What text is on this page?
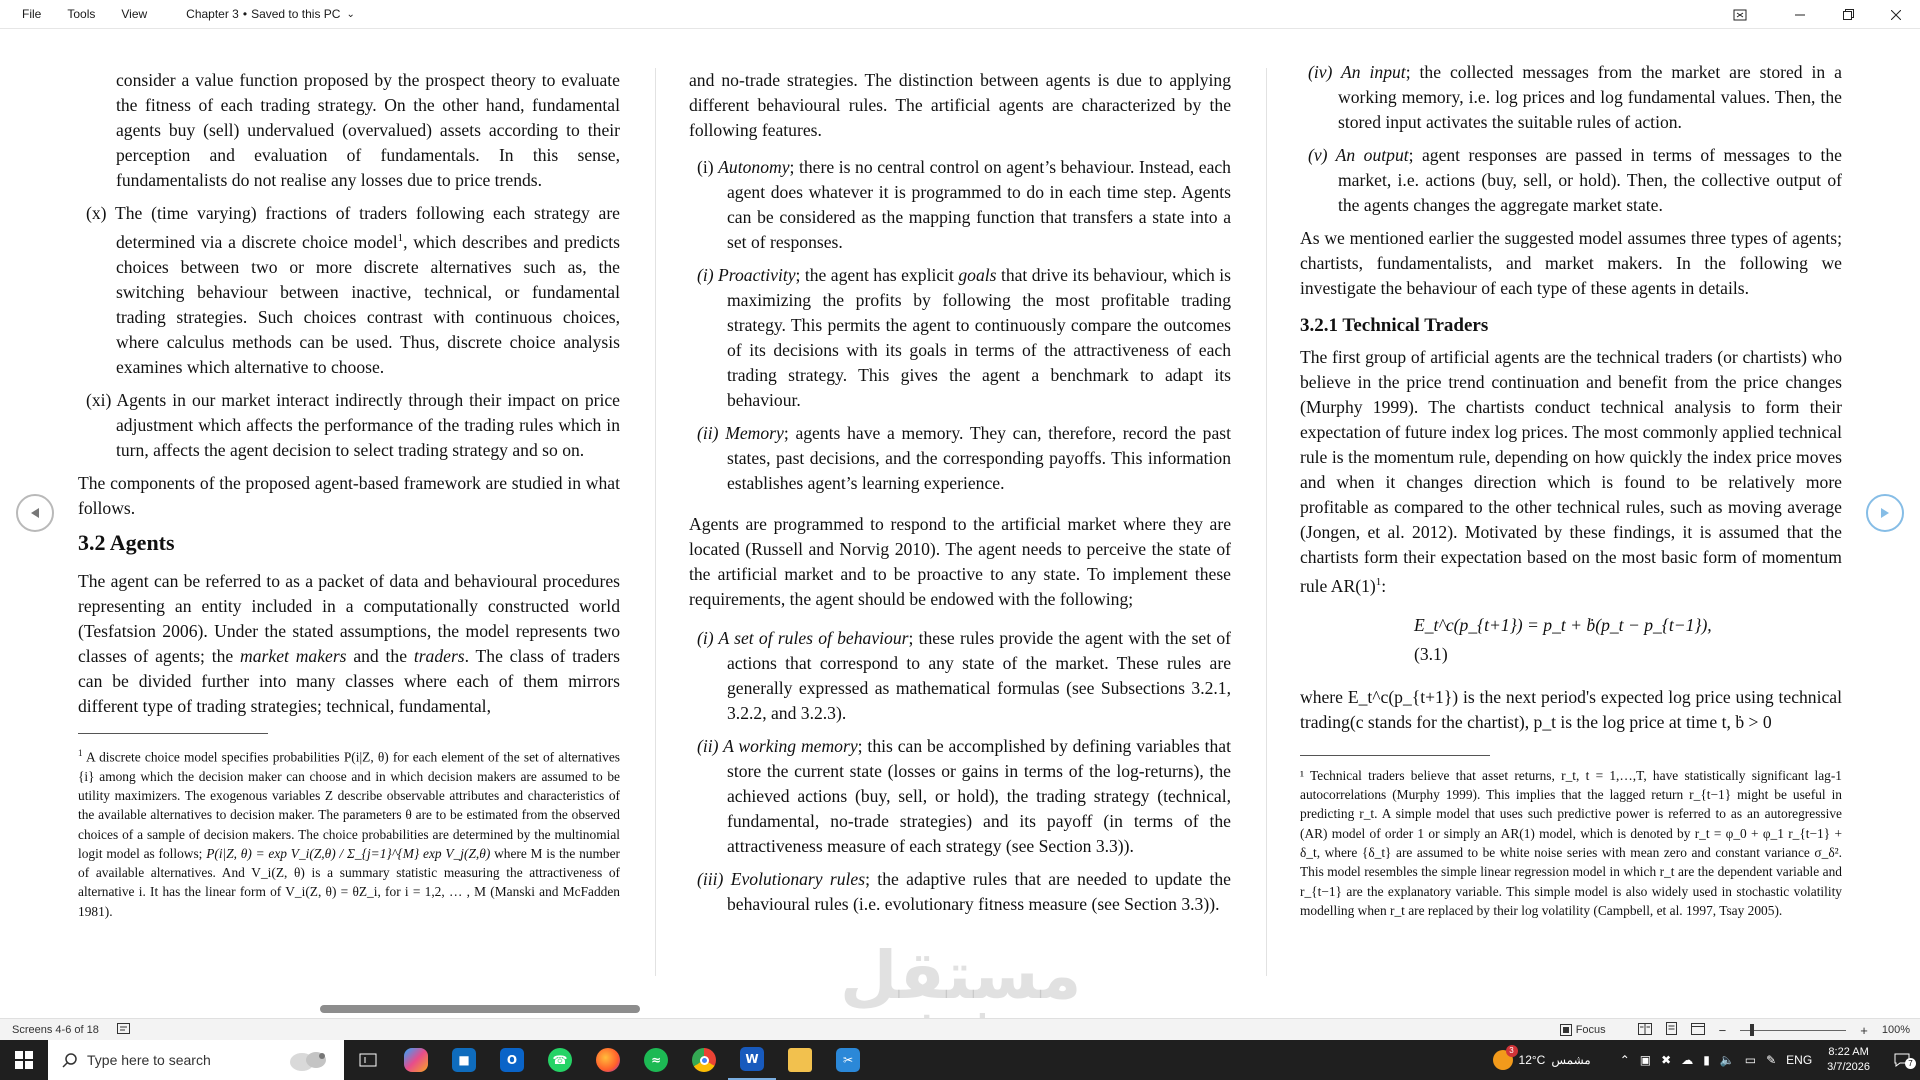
File	Tools	View	Chapter 3 • Saved to this PC ⌄

consider a value function proposed by the prospect theory to evaluate the fitness of each trading strategy. On the other hand, fundamental agents buy (sell) undervalued (overvalued) assets according to their perception and evaluation of fundamentals. In this sense, fundamentalists do not realise any losses due to price trends.

(x) The (time varying) fractions of traders following each strategy are determined via a discrete choice model$^1$, which describes and predicts choices between two or more discrete alternatives such as, the switching behaviour between inactive, technical, or fundamental trading strategies. Such choices contrast with continuous choices, where calculus methods can be used. Thus, discrete choice analysis examines which alternative to choose.

(xi) Agents in our market interact indirectly through their impact on price adjustment which affects the performance of the trading rules which in turn, affects the agent decision to select trading strategy and so on.

The components of the proposed agent-based framework are studied in what follows.

3.2 Agents

The agent can be referred to as a packet of data and behavioural procedures representing an entity included in a computationally constructed world (Tesfatsion 2006). Under the stated assumptions, the model represents two classes of agents; the market makers and the traders. The class of traders can be divided further into many classes where each of them mirrors different type of trading strategies; technical, fundamental,

$^1$ A discrete choice model specifies probabilities P(i|Z, θ) for each element of the set of alternatives {i} among which the decision maker can choose and in which decision makers are assumed to be utility maximizers. The exogenous variables Z describe observable attributes and characteristics of the available alternatives to decision maker. The parameters θ are to be estimated from the observed choices of a sample of decision makers. The choice probabilities are determined by the multinomial logit model as follows; P(i|Z, θ) = exp V_i(Z,θ) / Σ_{j=1}^{M} exp V_j(Z,θ) where M is the number of available alternatives. And V_i(Z, θ) is a summary statistic measuring the attractiveness of alternative i. It has the linear form of V_i(Z, θ) = θZ_i, for i = 1,2, … , M (Manski and McFadden 1981).

and no-trade strategies. The distinction between agents is due to applying different behavioural rules. The artificial agents are characterized by the following features.

(i) Autonomy; there is no central control on agent’s behaviour. Instead, each agent does whatever it is programmed to do in each time step. Agents can be considered as the mapping function that transfers a state into a set of responses.

(i) Proactivity; the agent has explicit goals that drive its behaviour, which is maximizing the profits by following the most profitable trading strategy. This permits the agent to continuously compare the outcomes of its decisions with its goals in terms of the attractiveness of each trading strategy. This gives the agent a benchmark to adapt its behaviour.

(ii) Memory; agents have a memory. They can, therefore, record the past states, past decisions, and the corresponding payoffs. This information establishes agent’s learning experience.

Agents are programmed to respond to the artificial market where they are located (Russell and Norvig 2010). The agent needs to perceive the state of the artificial market and to be proactive to any state. To implement these requirements, the agent should be endowed with the following;

(i) A set of rules of behaviour; these rules provide the agent with the set of actions that correspond to any state of the market. These rules are generally expressed as mathematical formulas (see Subsections 3.2.1, 3.2.2, and 3.2.3).

(ii) A working memory; this can be accomplished by defining variables that store the current state (losses or gains in terms of the log-returns), the achieved actions (buy, sell, or hold), the trading strategy (technical, fundamental, no-trade strategies) and its payoff (in terms of the attractiveness measure of each strategy (see Section 3.3)).

(iii) Evolutionary rules; the adaptive rules that are needed to update the behavioural rules (i.e. evolutionary fitness measure (see Section 3.3)).

(iv) An input; the collected messages from the market are stored in a working memory, i.e. log prices and log fundamental values. Then, the stored input activates the suitable rules of action.

(v) An output; agent responses are passed in terms of messages to the market, i.e. actions (buy, sell, or hold). Then, the collective output of the agents changes the aggregate market state.

As we mentioned earlier the suggested model assumes three types of agents; chartists, fundamentalists, and market makers. In the following we investigate the behaviour of each type of these agents in details.

3.2.1 Technical Traders

The first group of artificial agents are the technical traders (or chartists) who believe in the price trend continuation and benefit from the price changes (Murphy 1999). The chartists conduct technical analysis to form their expectation of future index log prices. The most commonly applied technical rule is the momentum rule, depending on how quickly the index price moves and when it changes direction which is found to be relatively more profitable as compared to the other technical rules, such as moving average (Jongen, et al. 2012). Motivated by these findings, it is assumed that the chartists form their expectation based on the most basic form of momentum rule $AR(1)^1$:

E_t^c(p_{t+1}) = p_t + ḃ(p_t − p_{t−1}),
(3.1)

where E_t^c(p_{t+1}) is the next period's expected log price using technical trading(c stands for the chartist), p_t is the log price at time t, ḃ > 0

¹ Technical traders believe that asset returns, r_t, t = 1,…,T, have statistically significant lag-1 autocorrelations (Murphy 1999). This implies that the lagged return r_{t−1} might be useful in predicting r_t. A simple model that uses such predictive power is referred to as an autoregressive (AR) model of order 1 or simply an AR(1) model, which is denoted by r_t = φ_0 + φ_1 r_{t−1} + δ_t, where {δ_t} are assumed to be white noise series with mean zero and constant variance σ_δ². This model resembles the simple linear regression model in which r_t are the dependent variable and r_{t−1} are the explanatory variable. This simple model is also widely used in stochastic volatility modelling when r_t are replaced by their log volatility (Campbell, et al. 1997, Tsay 2005).
مستقل
Screens 4-6 of 18	Focus	−	+ 100%
Type here to search	■	O	☎	≈	W	✂
3
12°C مشمس ⌃ ▣ ✖ ☁ ▮ 🔈 ▭ ✎ ENG
8:22 AM
3/7/2026	7
